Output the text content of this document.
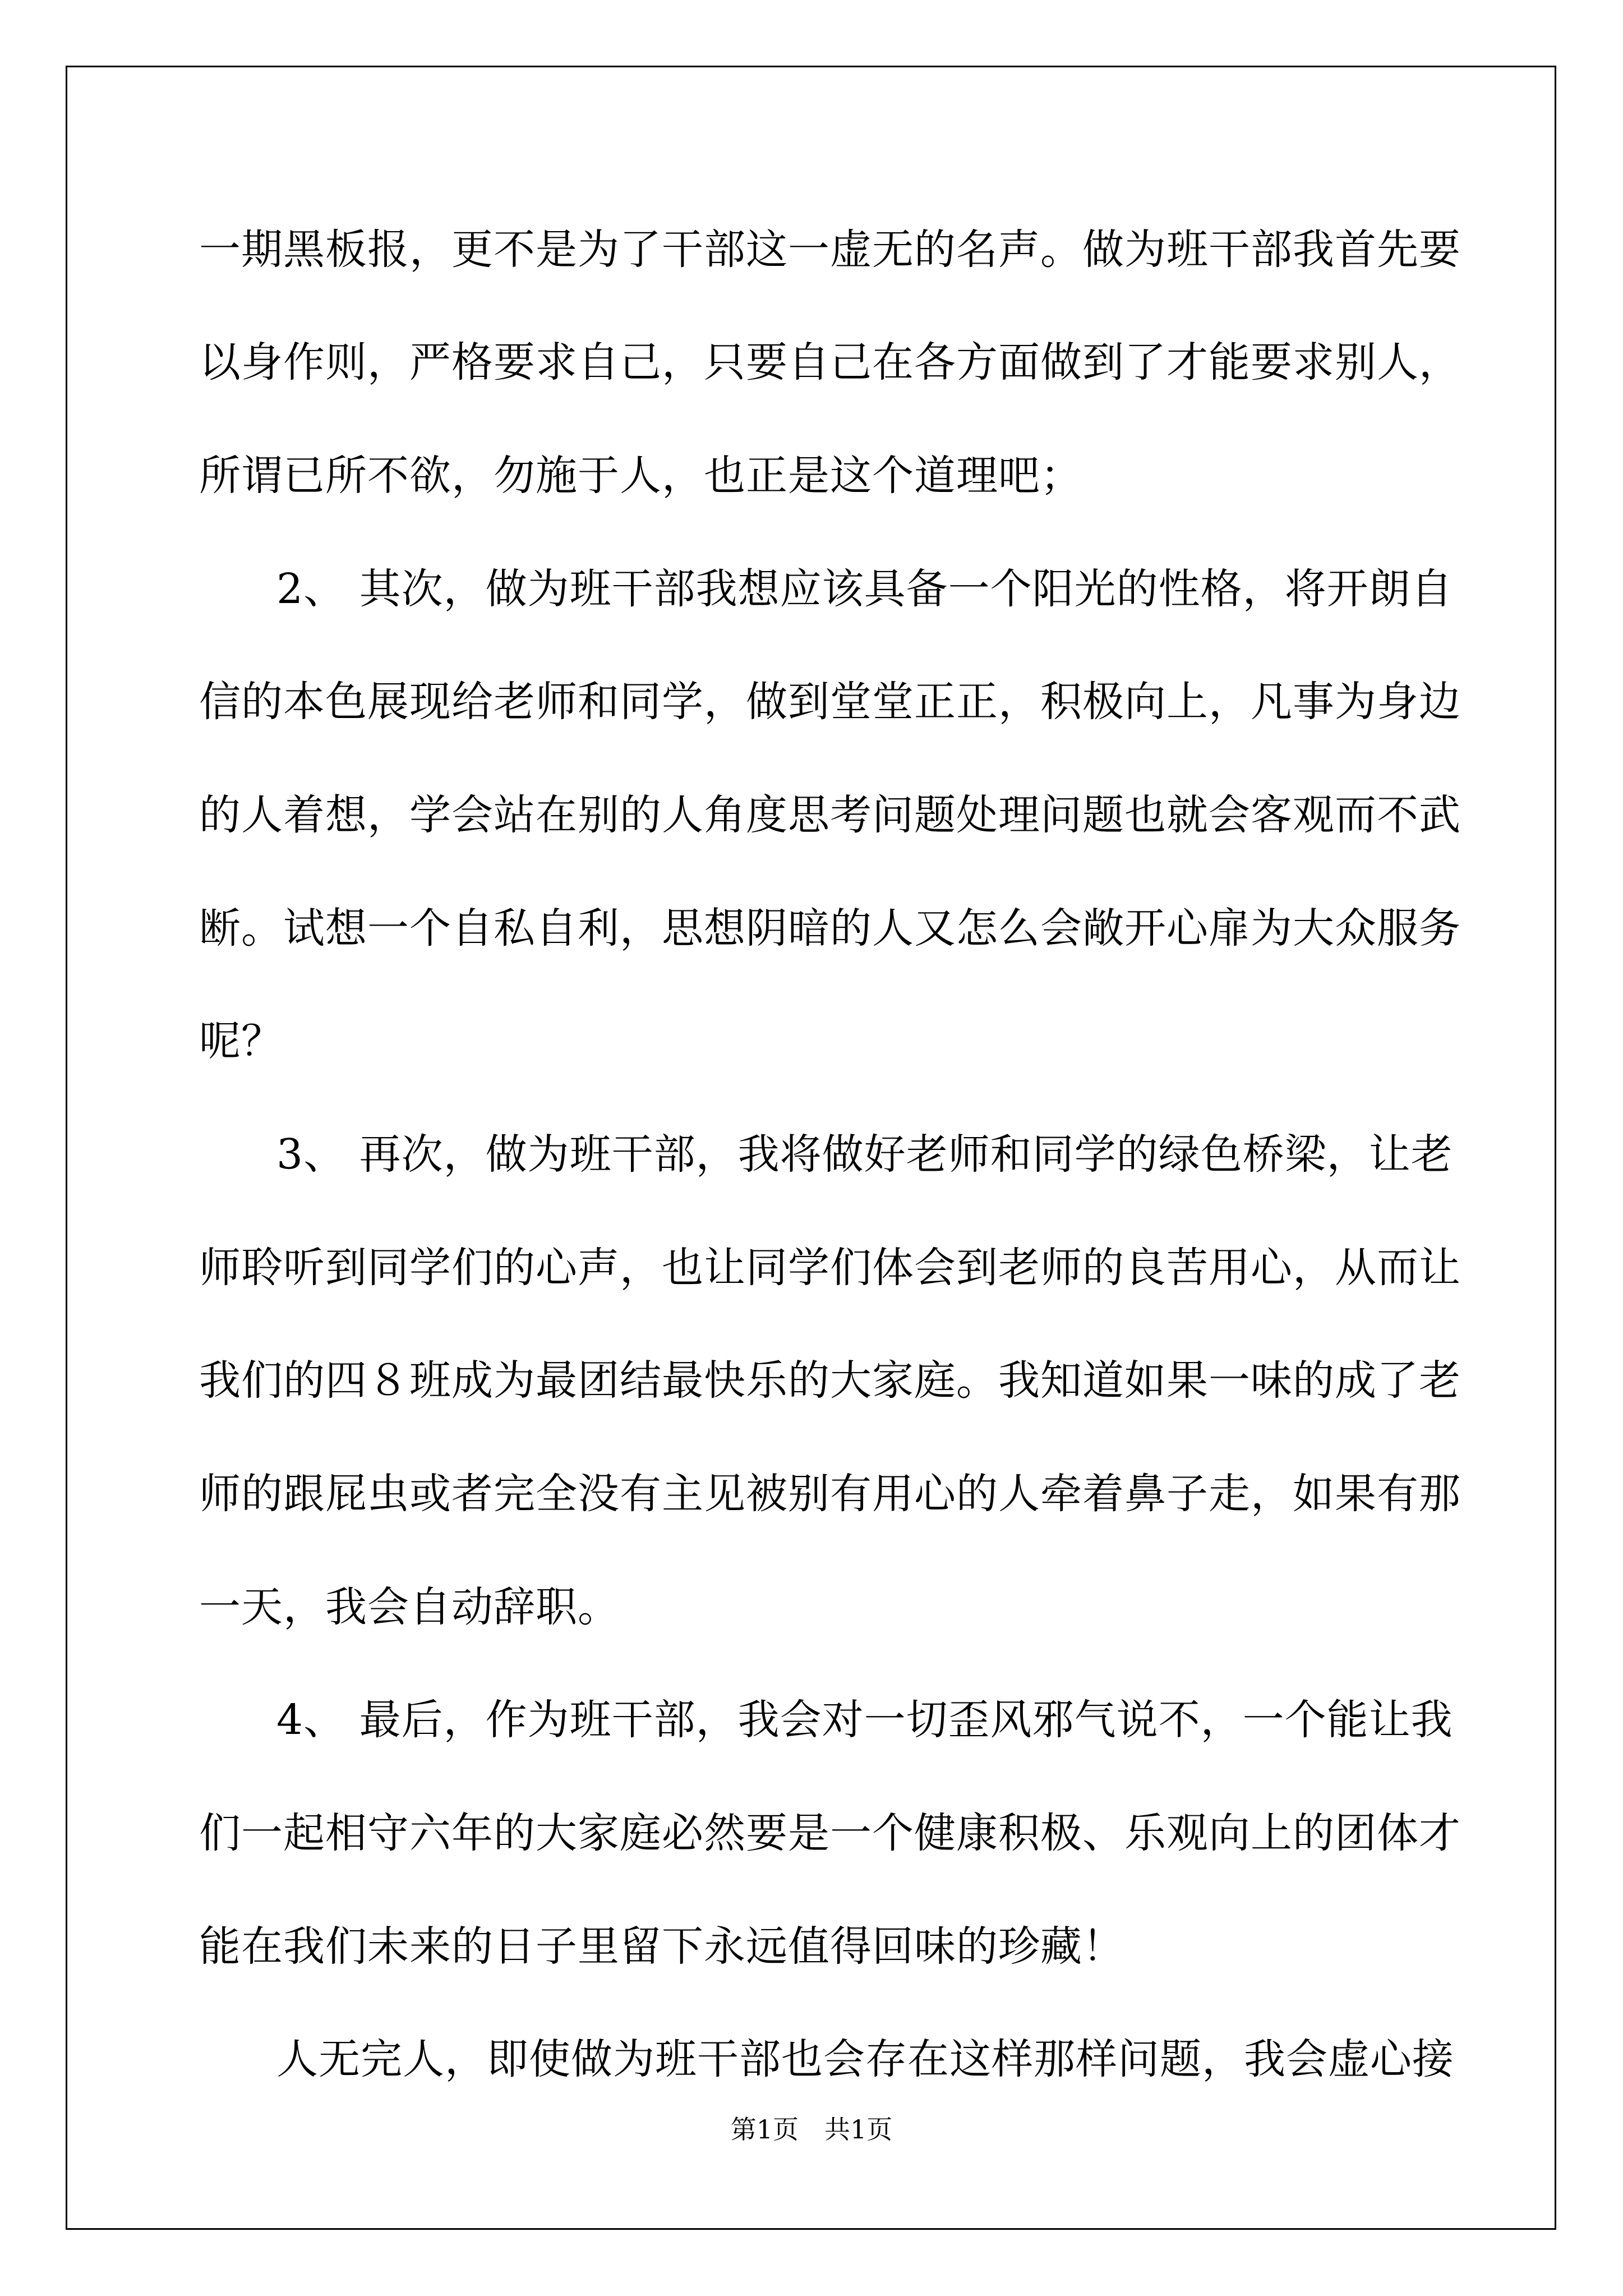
一期黑板报，更不是为了干部这一虚无的名声。做为班干部我首先要
以身作则，严格要求自己，只要自己在各方面做到了才能要求别人，
所谓已所不欲，勿施于人，也正是这个道理吧；
2、 其次，做为班干部我想应该具备一个阳光的性格，将开朗自
信的本色展现给老师和同学，做到堂堂正正，积极向上，凡事为身边
的人着想，学会站在别的人角度思考问题处理问题也就会客观而不武
断。试想一个自私自利，思想阴暗的人又怎么会敞开心扉为大众服务
呢？
3、 再次，做为班干部，我将做好老师和同学的绿色桥梁，让老
师聆听到同学们的心声，也让同学们体会到老师的良苦用心，从而让
我们的四８班成为最团结最快乐的大家庭。我知道如果一味的成了老
师的跟屁虫或者完全没有主见被别有用心的人牵着鼻子走，如果有那
一天，我会自动辞职。
4、 最后，作为班干部，我会对一切歪风邪气说不，一个能让我
们一起相守六年的大家庭必然要是一个健康积极、乐观向上的团体才
能在我们未来的日子里留下永远值得回味的珍藏！
人无完人，即使做为班干部也会存在这样那样问题，我会虚心接
第1页　共1页
